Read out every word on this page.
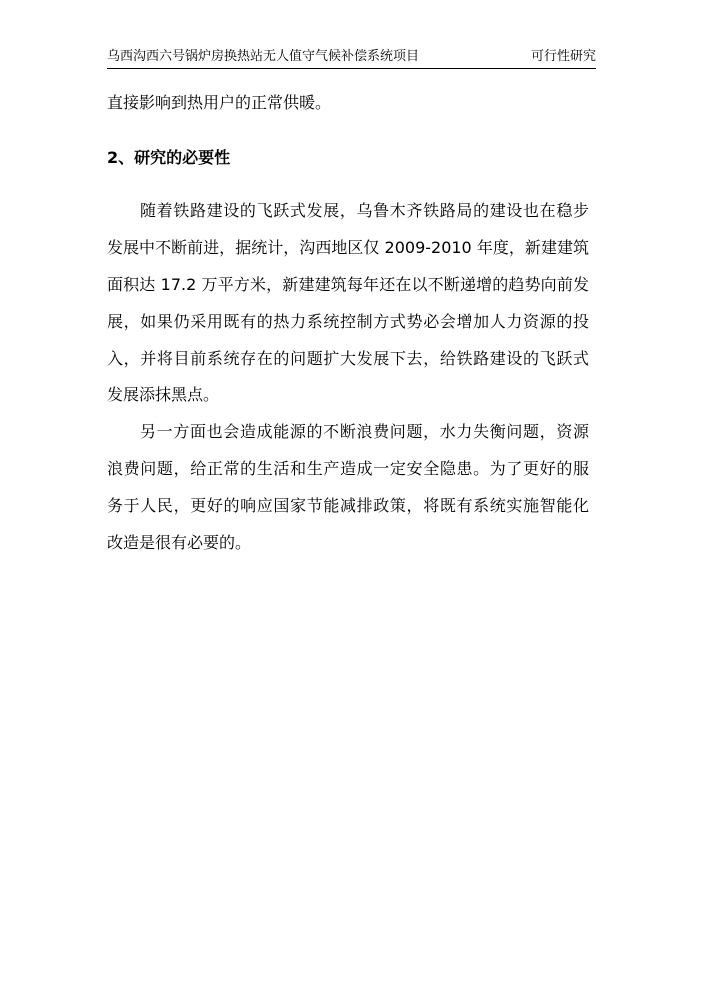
乌西沟西六号锅炉房换热站无人值守气候补偿系统项目	可行性研究
直接影响到热用户的正常供暖。
2、研究的必要性
随着铁路建设的飞跃式发展，乌鲁木齐铁路局的建设也在稳步
发展中不断前进，据统计，沟西地区仅 2009-2010 年度，新建建筑
面积达 17.2 万平方米，新建建筑每年还在以不断递增的趋势向前发
展，如果仍采用既有的热力系统控制方式势必会增加人力资源的投
入，并将目前系统存在的问题扩大发展下去，给铁路建设的飞跃式
发展添抹黑点。
另一方面也会造成能源的不断浪费问题，水力失衡问题，资源
浪费问题，给正常的生活和生产造成一定安全隐患。为了更好的服
务于人民，更好的响应国家节能减排政策，将既有系统实施智能化
改造是很有必要的。
